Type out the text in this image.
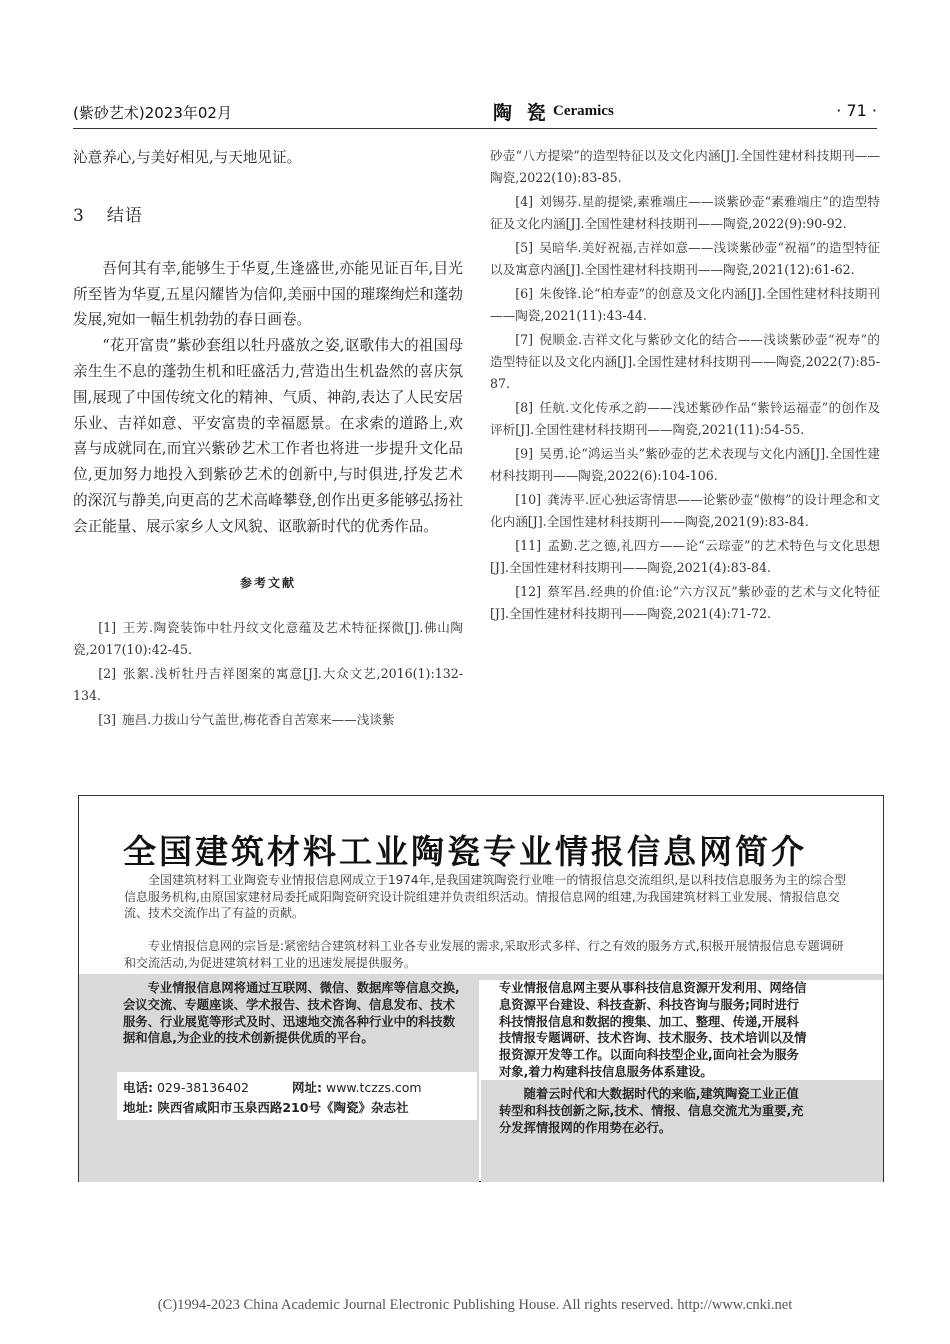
(紫砂艺术)2023年02月	陶 瓷 Ceramics	· 71 ·

沁意养心,与美好相见,与天地见证。

3 结语

吾何其有幸,能够生于华夏,生逢盛世,亦能见证百年,目光所至皆为华夏,五星闪耀皆为信仰,美丽中国的璀璨绚烂和蓬勃发展,宛如一幅生机勃勃的春日画卷。

“花开富贵”紫砂套组以牡丹盛放之姿,讴歌伟大的祖国母亲生生不息的蓬勃生机和旺盛活力,营造出生机盎然的喜庆氛围,展现了中国传统文化的精神、气质、神韵,表达了人民安居乐业、吉祥如意、平安富贵的幸福愿景。在求索的道路上,欢喜与成就同在,而宜兴紫砂艺术工作者也将进一步提升文化品位,更加努力地投入到紫砂艺术的创新中,与时俱进,抒发艺术的深沉与静美,向更高的艺术高峰攀登,创作出更多能够弘扬社会正能量、展示家乡人文风貌、讴歌新时代的优秀作品。

参考文献

[1] 王芳.陶瓷装饰中牡丹纹文化意蕴及艺术特征探微[J].佛山陶瓷,2017(10):42-45.

[2] 张絮.浅析牡丹吉祥图案的寓意[J].大众文艺,2016(1):132-134.

[3] 施昌.力拔山兮气盖世,梅花香自苦寒来——浅谈紫

砂壶“八方提梁”的造型特征以及文化内涵[J].全国性建材科技期刊——陶瓷,2022(10):83-85.

[4] 刘锡芬.星韵提梁,素雅端庄——谈紫砂壶“素雅端庄”的造型特征及文化内涵[J].全国性建材科技期刊——陶瓷,2022(9):90-92.

[5] 吴暗华.美好祝福,吉祥如意——浅谈紫砂壶“祝福”的造型特征以及寓意内涵[J].全国性建材科技期刊——陶瓷,2021(12):61-62.

[6] 朱俊锋.论“柏寿壶”的创意及文化内涵[J].全国性建材科技期刊——陶瓷,2021(11):43-44.

[7] 倪顺金.吉祥文化与紫砂文化的结合——浅谈紫砂壶“祝寿”的造型特征以及文化内涵[J].全国性建材科技期刊——陶瓷,2022(7):85-87.

[8] 任航.文化传承之韵——浅述紫砂作品“紫铃运福壶”的创作及评析[J].全国性建材科技期刊——陶瓷,2021(11):54-55.

[9] 吴勇.论“鸿运当头”紫砂壶的艺术表现与文化内涵[J].全国性建材科技期刊——陶瓷,2022(6):104-106.

[10] 龚涛平.匠心独运寄情思——论紫砂壶“傲梅”的设计理念和文化内涵[J].全国性建材科技期刊——陶瓷,2021(9):83-84.

[11] 孟勤.艺之德,礼四方——论“云琮壶”的艺术特色与文化思想[J].全国性建材科技期刊——陶瓷,2021(4):83-84.

[12] 蔡军昌.经典的价值:论“六方汉瓦”紫砂壶的艺术与文化特征[J].全国性建材科技期刊——陶瓷,2021(4):71-72.

全国建筑材料工业陶瓷专业情报信息网简介

全国建筑材料工业陶瓷专业情报信息网成立于1974年,是我国建筑陶瓷行业唯一的情报信息交流组织,是以科技信息服务为主的综合型信息服务机构,由原国家建材局委托咸阳陶瓷研究设计院组建并负责组织活动。情报信息网的组建,为我国建筑材料工业发展、情报信息交流、技术交流作出了有益的贡献。

专业情报信息网的宗旨是:紧密结合建筑材料工业各专业发展的需求,采取形式多样、行之有效的服务方式,积极开展情报信息专题调研和交流活动,为促进建筑材料工业的迅速发展提供服务。

专业情报信息网将通过互联网、微信、数据库等信息交换,会议交流、专题座谈、学术报告、技术咨询、信息发布、技术服务、行业展览等形式及时、迅速地交流各种行业中的科技数据和信息,为企业的技术创新提供优质的平台。

电话: 029-38136402	网址: www.tczzs.com
地址: 陕西省咸阳市玉泉西路210号《陶瓷》杂志社

专业情报信息网主要从事科技信息资源开发利用、网络信息资源平台建设、科技查新、科技咨询与服务;同时进行科技情报信息和数据的搜集、加工、整理、传递,开展科技情报专题调研、技术咨询、技术服务、技术培训以及情报资源开发等工作。以面向科技型企业,面向社会为服务对象,着力构建科技信息服务体系建设。

随着云时代和大数据时代的来临,建筑陶瓷工业正值转型和科技创新之际,技术、情报、信息交流尤为重要,充分发挥情报网的作用势在必行。

(C)1994-2023 China Academic Journal Electronic Publishing House. All rights reserved. http://www.cnki.net
